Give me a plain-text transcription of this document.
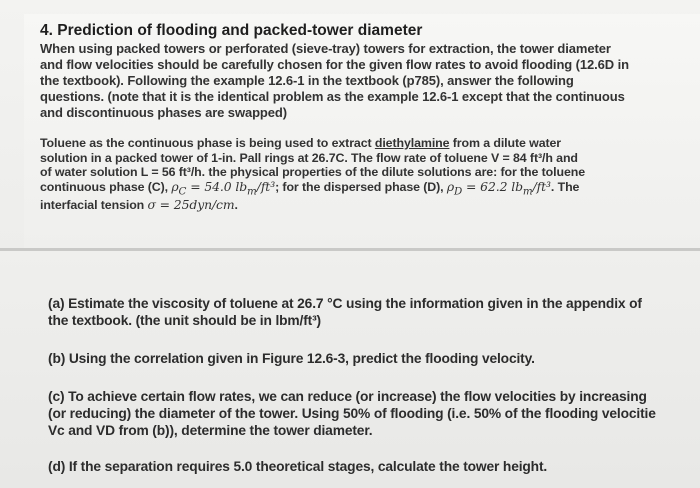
4. Prediction of flooding and packed-tower diameter
When using packed towers or perforated (sieve-tray) towers for extraction, the tower diameter
and flow velocities should be carefully chosen for the given flow rates to avoid flooding (12.6D in
the textbook). Following the example 12.6-1 in the textbook (p785), answer the following
questions. (note that it is the identical problem as the example 12.6-1 except that the continuous
and discontinuous phases are swapped)
Toluene as the continuous phase is being used to extract diethylamine from a dilute water
solution in a packed tower of 1-in. Pall rings at 26.7C. The flow rate of toluene V = 84 ft³/h and
of water solution L = 56 ft³/h. the physical properties of the dilute solutions are: for the toluene
continuous phase (C), $\rho_C = 54.0$ $lb_m$/ft³; for the dispersed phase (D), $\rho_D = 62.2$ $lb_m$/ft³. The
interfacial tension σ = 25dyn/cm.
(a) Estimate the viscosity of toluene at 26.7 °C using the information given in the appendix of
the textbook. (the unit should be in lbm/ft³)
(b) Using the correlation given in Figure 12.6-3, predict the flooding velocity.
(c) To achieve certain flow rates, we can reduce (or increase) the flow velocities by increasing
(or reducing) the diameter of the tower. Using 50% of flooding (i.e. 50% of the flooding velocitie
Vc and VD from (b)), determine the tower diameter.
(d) If the separation requires 5.0 theoretical stages, calculate the tower height.
